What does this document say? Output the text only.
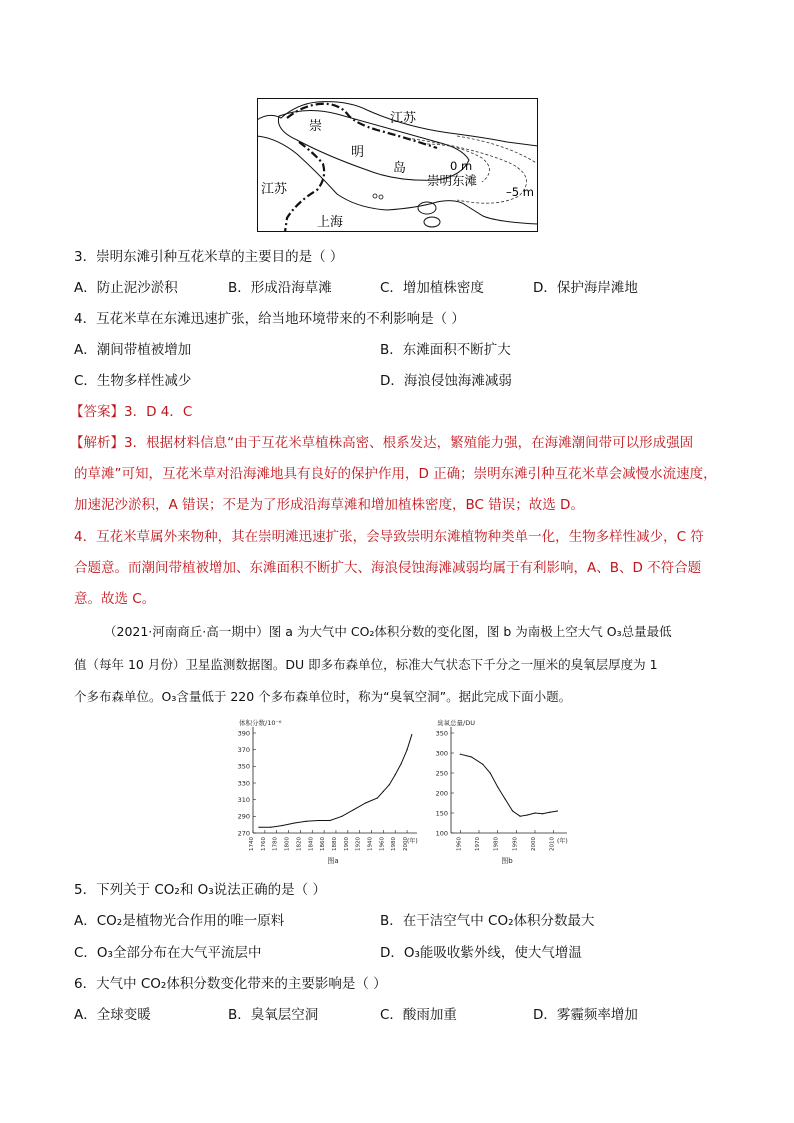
江苏
崇
明
岛	0 m
崇明东滩
–5 m
江苏
上海
3．崇明东滩引种互花米草的主要目的是（ ）
A．防止泥沙淤积	B．形成沿海草滩	C．增加植株密度	D．保护海岸滩地
4．互花米草在东滩迅速扩张，给当地环境带来的不利影响是（ ）
A．潮间带植被增加	B．东滩面积不断扩大
C．生物多样性减少	D．海浪侵蚀海滩减弱
【答案】3．D 4．C
【解析】3．根据材料信息“由于互花米草植株高密、根系发达，繁殖能力强，在海滩潮间带可以形成强固
的草滩”可知，互花米草对沿海滩地具有良好的保护作用，D 正确；崇明东滩引种互花米草会减慢水流速度，
加速泥沙淤积，A 错误；不是为了形成沿海草滩和增加植株密度，BC 错误；故选 D。
4．互花米草属外来物种，其在崇明滩迅速扩张，会导致崇明东滩植物种类单一化，生物多样性减少，C 符
合题意。而潮间带植被增加、东滩面积不断扩大、海浪侵蚀海滩减弱均属于有利影响，A、B、D 不符合题
意。故选 C。
（2021·河南商丘·高一期中）图 a 为大气中 CO₂体积分数的变化图，图 b 为南极上空大气 O₃总量最低
值（每年 10 月份）卫星监测数据图。DU 即多布森单位，标准大气状态下千分之一厘米的臭氧层厚度为 1
个多布森单位。O₃含量低于 220 个多布森单位时，称为“臭氧空洞”。据此完成下面小题。
体积分数/10⁻⁶
390
370
350
330
310
290
270
1740 1760 1780 1800 1820 1840 1860 1880 1900 1920 1940 1960 1980 2000
(年)
图a
臭氧总量/DU
350
300
250
200
150
100
1960 1970 1980 1990 2000 2010 (年)
图b
5．下列关于 CO₂和 O₃说法正确的是（ ）
A．CO₂是植物光合作用的唯一原料	B．在干洁空气中 CO₂体积分数最大
C．O₃全部分布在大气平流层中	D．O₃能吸收紫外线，使大气增温
6．大气中 CO₂体积分数变化带来的主要影响是（ ）
A．全球变暖	B．臭氧层空洞	C．酸雨加重	D．雾霾频率增加
